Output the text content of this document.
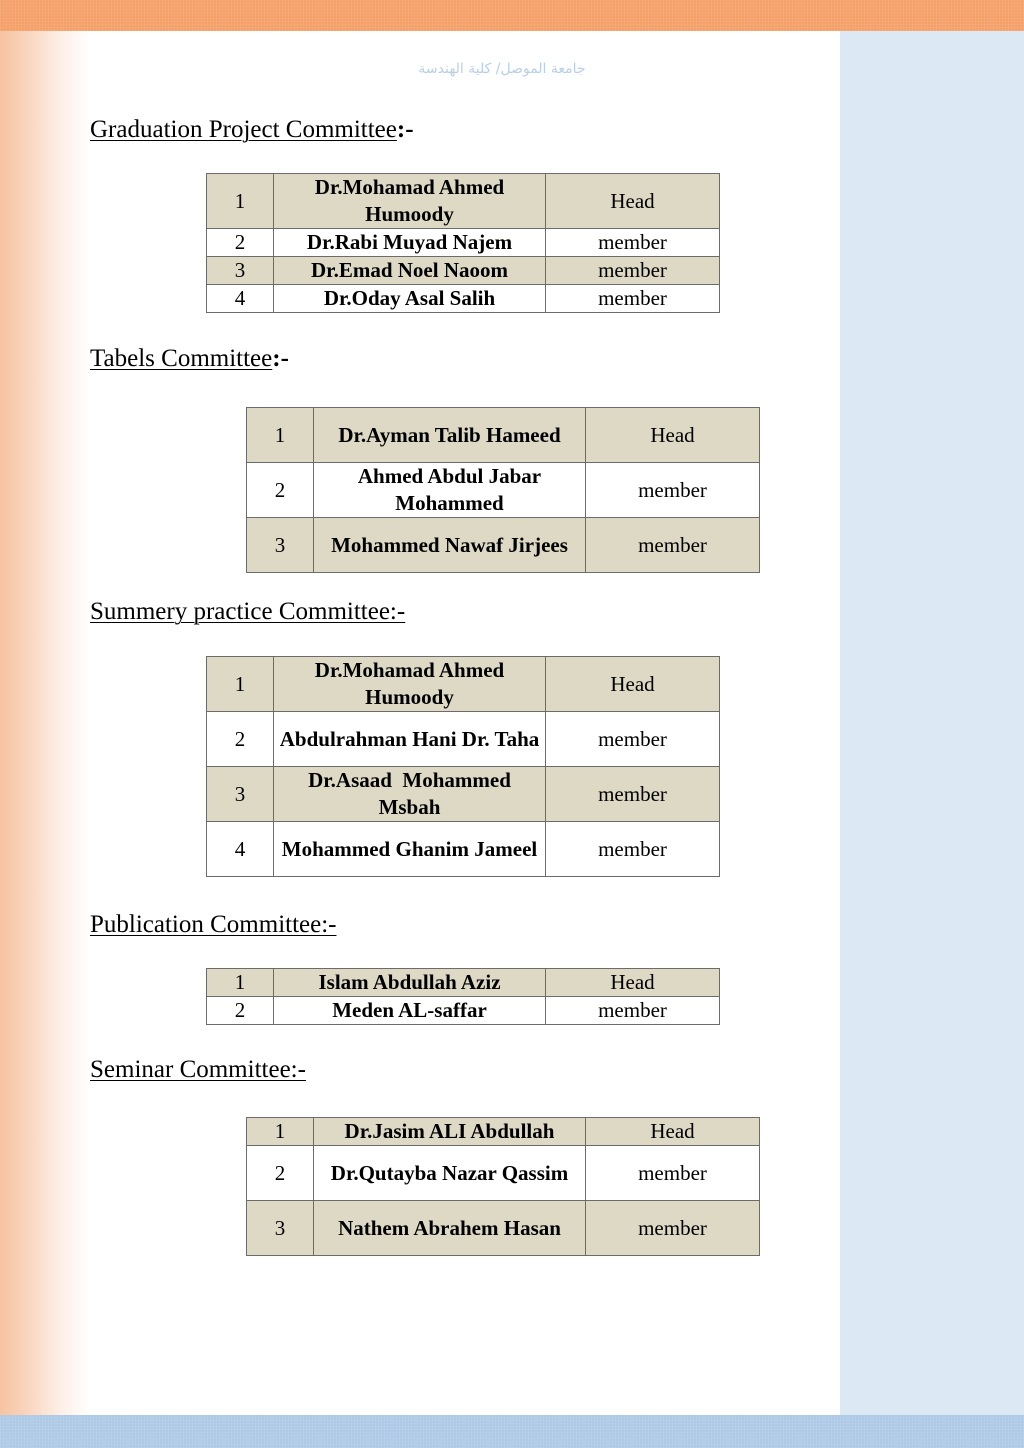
جامعة الموصل/ كلية الهندسة
Graduation Project Committee:-
1	Dr.Mohamad Ahmed Humoody	Head
2	Dr.Rabi Muyad Najem	member
3	Dr.Emad Noel Naoom	member
4	Dr.Oday Asal Salih	member
Tabels Committee:-
1	Dr.Ayman Talib Hameed	Head
2	Ahmed Abdul Jabar Mohammed	member
3	Mohammed Nawaf Jirjees	member
Summery practice Committee:-
1	Dr.Mohamad Ahmed Humoody	Head
2	Abdulrahman Hani Dr. Taha	member
3	Dr.Asaad  Mohammed Msbah	member
4	Mohammed Ghanim Jameel	member
Publication Committee:-
1	Islam Abdullah Aziz	Head
2	Meden AL-saffar	member
Seminar Committee:-
1	Dr.Jasim ALI Abdullah	Head
2	Dr.Qutayba Nazar Qassim	member
3	Nathem Abrahem Hasan	member
